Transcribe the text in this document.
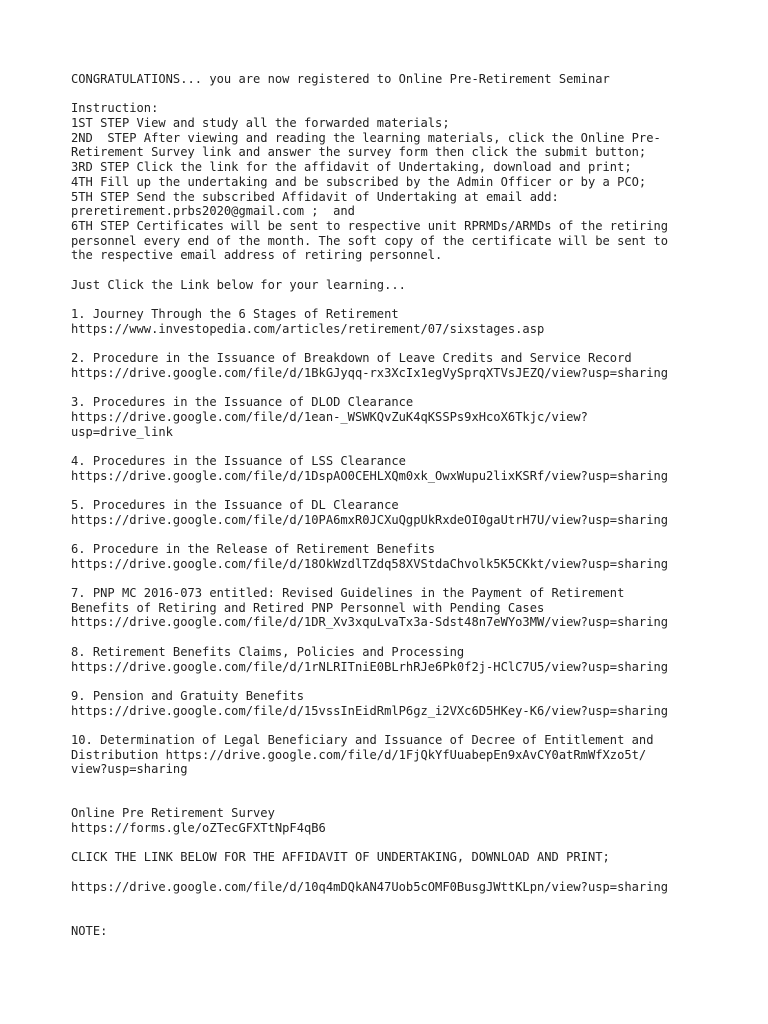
CONGRATULATIONS... you are now registered to Online Pre-Retirement Seminar
Instruction:
1ST STEP View and study all the forwarded materials;
2ND  STEP After viewing and reading the learning materials, click the Online Pre-
Retirement Survey link and answer the survey form then click the submit button;
3RD STEP Click the link for the affidavit of Undertaking, download and print;
4TH Fill up the undertaking and be subscribed by the Admin Officer or by a PCO;
5TH STEP Send the subscribed Affidavit of Undertaking at email add:
preretirement.prbs2020@gmail.com ;  and
6TH STEP Certificates will be sent to respective unit RPRMDs/ARMDs of the retiring
personnel every end of the month. The soft copy of the certificate will be sent to
the respective email address of retiring personnel.
Just Click the Link below for your learning...
1. Journey Through the 6 Stages of Retirement
https://www.investopedia.com/articles/retirement/07/sixstages.asp
2. Procedure in the Issuance of Breakdown of Leave Credits and Service Record
https://drive.google.com/file/d/1BkGJyqq-rx3XcIx1egVySprqXTVsJEZQ/view?usp=sharing
3. Procedures in the Issuance of DLOD Clearance
https://drive.google.com/file/d/1ean-_WSWKQvZuK4qKSSPs9xHcoX6Tkjc/view?
usp=drive_link
4. Procedures in the Issuance of LSS Clearance
https://drive.google.com/file/d/1DspAO0CEHLXQm0xk_OwxWupu2lixKSRf/view?usp=sharing
5. Procedures in the Issuance of DL Clearance
https://drive.google.com/file/d/10PA6mxR0JCXuQgpUkRxdeOI0gaUtrH7U/view?usp=sharing
6. Procedure in the Release of Retirement Benefits
https://drive.google.com/file/d/18OkWzdlTZdq58XVStdaChvolk5K5CKkt/view?usp=sharing
7. PNP MC 2016-073 entitled: Revised Guidelines in the Payment of Retirement
Benefits of Retiring and Retired PNP Personnel with Pending Cases
https://drive.google.com/file/d/1DR_Xv3xquLvaTx3a-Sdst48n7eWYo3MW/view?usp=sharing
8. Retirement Benefits Claims, Policies and Processing
https://drive.google.com/file/d/1rNLRITniE0BLrhRJe6Pk0f2j-HClC7U5/view?usp=sharing
9. Pension and Gratuity Benefits
https://drive.google.com/file/d/15vssInEidRmlP6gz_i2VXc6D5HKey-K6/view?usp=sharing
10. Determination of Legal Beneficiary and Issuance of Decree of Entitlement and
Distribution https://drive.google.com/file/d/1FjQkYfUuabepEn9xAvCY0atRmWfXzo5t/
view?usp=sharing
Online Pre Retirement Survey
https://forms.gle/oZTecGFXTtNpF4qB6
CLICK THE LINK BELOW FOR THE AFFIDAVIT OF UNDERTAKING, DOWNLOAD AND PRINT;
https://drive.google.com/file/d/10q4mDQkAN47Uob5cOMF0BusgJWttKLpn/view?usp=sharing
NOTE:
